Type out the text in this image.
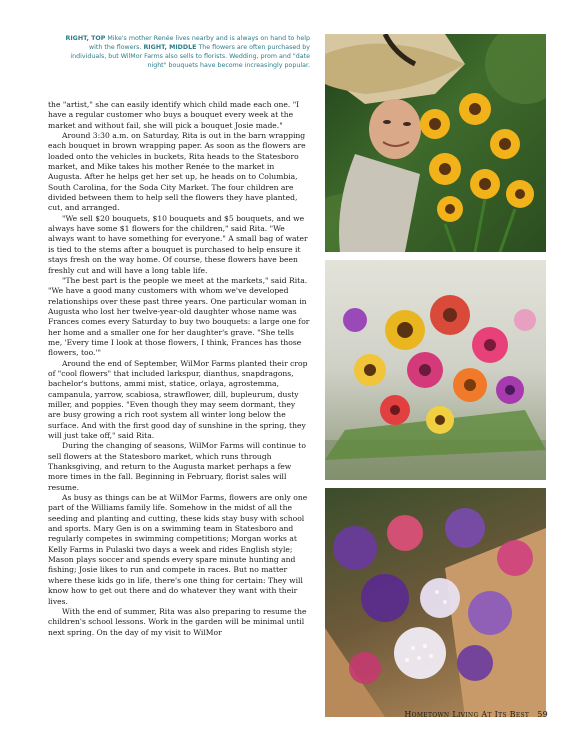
RIGHT, TOP Mike's mother Renée lives nearby and is always on hand to help with the flowers. RIGHT, MIDDLE The flowers are often purchased by individuals, but WilMor Farms also sells to florists. Wedding, prom and "date night" bouquets have become increasingly popular.

the "artist," she can easily identify which child made each one. "I have a regular customer who buys a bouquet every week at the market and without fail, she will pick a bouquet Josie made."

Around 3:30 a.m. on Saturday, Rita is out in the barn wrapping each bouquet in brown wrapping paper. As soon as the flowers are loaded onto the vehicles in buckets, Rita heads to the Statesboro market, and Mike takes his mother Renée to the market in Augusta. After he helps get her set up, he heads on to Columbia, South Carolina, for the Soda City Market. The four children are divided between them to help sell the flowers they have planted, cut, and arranged.

"We sell $20 bouquets, $10 bouquets and $5 bouquets, and we always have some $1 flowers for the children," said Rita. "We always want to have something for everyone." A small bag of water is tied to the stems after a bouquet is purchased to help ensure it stays fresh on the way home. Of course, these flowers have been freshly cut and will have a long table life.

"The best part is the people we meet at the markets," said Rita. "We have a good many customers with whom we've developed relationships over these past three years. One particular woman in Augusta who lost her twelve-year-old daughter whose name was Frances comes every Saturday to buy two bouquets: a large one for her home and a smaller one for her daughter's grave. "She tells me, 'Every time I look at those flowers, I think, Frances has those flowers, too.'"

Around the end of September, WilMor Farms planted their crop of "cool flowers" that included larkspur, dianthus, snapdragons, bachelor's buttons, ammi mist, statice, orlaya, agrostemma, campanula, yarrow, scabiosa, strawflower, dill, bupleurum, dusty miller, and poppies. "Even though they may seem dormant, they are busy growing a rich root system all winter long below the surface. And with the first good day of sunshine in the spring, they will just take off," said Rita.

During the changing of seasons, WilMor Farms will continue to sell flowers at the Statesboro market, which runs through Thanksgiving, and return to the Augusta market perhaps a few more times in the fall. Beginning in February, florist sales will resume.

As busy as things can be at WilMor Farms, flowers are only one part of the Williams family life. Somehow in the midst of all the seeding and planting and cutting, these kids stay busy with school and sports. Mary Gen is on a swimming team in Statesboro and regularly competes in swimming competitions; Morgan works at Kelly Farms in Pulaski two days a week and rides English style; Mason plays soccer and spends every spare minute hunting and fishing; Josie likes to run and compete in races. But no matter where these kids go in life, there's one thing for certain: They will know how to get out there and do whatever they want with their lives.

With the end of summer, Rita was also preparing to resume the children's school lessons. Work in the garden will be minimal until next spring. On the day of my visit to WilMor

Hometown Living At Its Best 59
